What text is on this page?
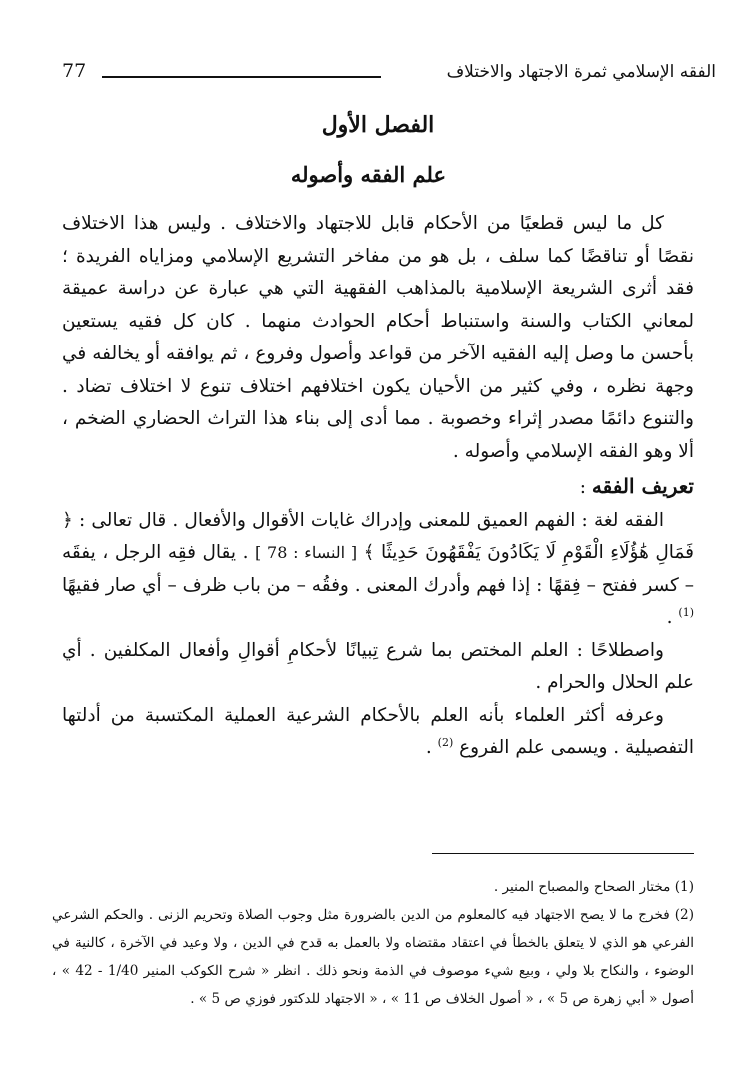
الفقه الإسلامي ثمرة الاجتهاد والاختلاف
77
الفصل الأول
علم الفقه وأصوله

كل ما ليس قطعيًا من الأحكام قابل للاجتهاد والاختلاف . وليس هذا الاختلاف نقصًا أو تناقضًا كما سلف ، بل هو من مفاخر التشريع الإسلامي ومزاياه الفريدة ؛ فقد أثرى الشريعة الإسلامية بالمذاهب الفقهية التي هي عبارة عن دراسة عميقة لمعاني الكتاب والسنة واستنباط أحكام الحوادث منهما . كان كل فقيه يستعين بأحسن ما وصل إليه الفقيه الآخر من قواعد وأصول وفروع ، ثم يوافقه أو يخالفه في وجهة نظره ، وفي كثير من الأحيان يكون اختلافهم اختلاف تنوع لا اختلاف تضاد . والتنوع دائمًا مصدر إثراء وخصوبة . مما أدى إلى بناء هذا التراث الحضاري الضخم ، ألا وهو الفقه الإسلامي وأصوله .

تعريف الفقه :

الفقه لغة : الفهم العميق للمعنى وإدراك غايات الأقوال والأفعال . قال تعالى : ﴿ فَمَالِ هَٰؤُلَاءِ الْقَوْمِ لَا يَكَادُونَ يَفْقَهُونَ حَدِيثًا ﴾ [ النساء : 78 ] . يقال فقِه الرجل ، يفقَه – كسر ففتح – فِقهًا : إذا فهم وأدرك المعنى . وفقُه – من باب ظرف – أي صار فقيهًا $^{(1)}$ .

واصطلاحًا : العلم المختص بما شرع تِبيانًا لأحكامِ أقوالِ وأفعال المكلفين . أي علم الحلال والحرام .

وعرفه أكثر العلماء بأنه العلم بالأحكام الشرعية العملية المكتسبة من أدلتها التفصيلية . ويسمى علم الفروع $^{(2)}$ .

(1) مختار الصحاح والمصباح المنير .

(2) فخرج ما لا يصح الاجتهاد فيه كالمعلوم من الدين بالضرورة مثل وجوب الصلاة وتحريم الزنى . والحكم الشرعي الفرعي هو الذي لا يتعلق بالخطأ في اعتقاد مقتضاه ولا بالعمل به قدح في الدين ، ولا وعيد في الآخرة ، كالنية في الوضوء ، والنكاح بلا ولي ، وبيع شيء موصوف في الذمة ونحو ذلك . انظر « شرح الكوكب المنير 1/40 - 42 » ، أصول « أبي زهرة ص 5 » ، « أصول الخلاف ص 11 » ، « الاجتهاد للدكتور فوزي ص 5 » .
